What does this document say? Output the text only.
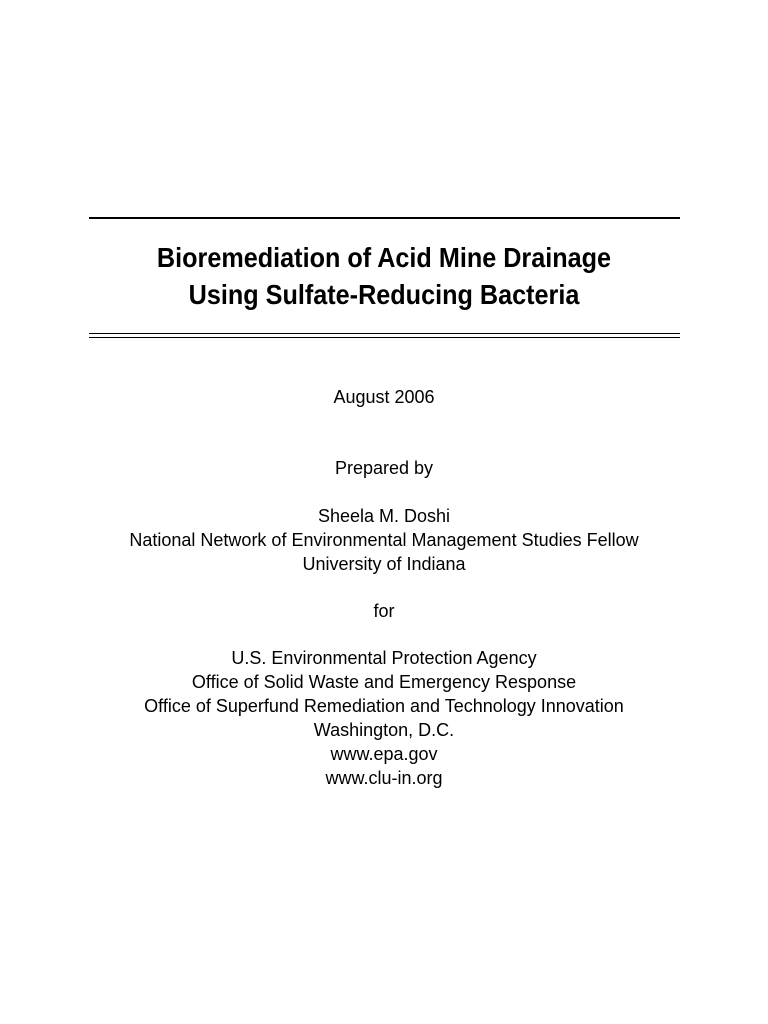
Bioremediation of Acid Mine Drainage
Using Sulfate-Reducing Bacteria
August 2006
Prepared by
Sheela M. Doshi
National Network of Environmental Management Studies Fellow
University of Indiana
for
U.S. Environmental Protection Agency
Office of Solid Waste and Emergency Response
Office of Superfund Remediation and Technology Innovation
Washington, D.C.
www.epa.gov
www.clu-in.org
